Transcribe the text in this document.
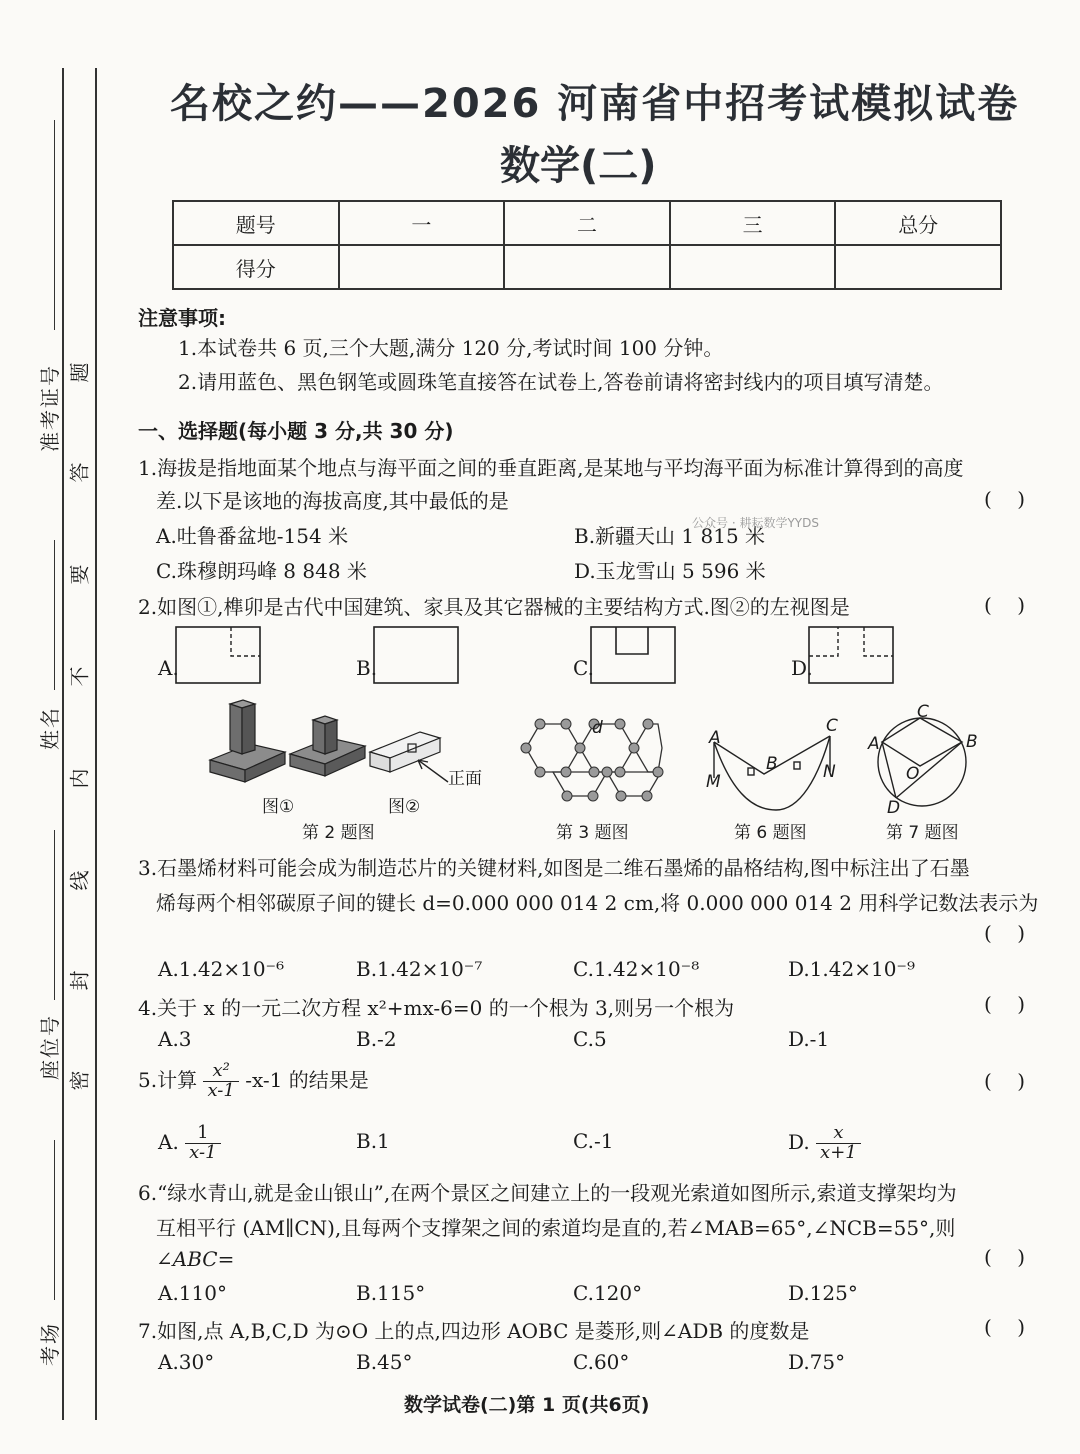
准考证号
姓名
座位号
考场
题
答
要
不
内
线
封
密
名校之约——2026 河南省中招考试模拟试卷
数学(二)
题号	一	二	三	总分
得分				
注意事项:
1.本试卷共 6 页,三个大题,满分 120 分,考试时间 100 分钟。
2.请用蓝色、黑色钢笔或圆珠笔直接答在试卷上,答卷前请将密封线内的项目填写清楚。
一、选择题(每小题 3 分,共 30 分)
1.海拔是指地面某个地点与海平面之间的垂直距离,是某地与平均海平面为标准计算得到的高度
差.以下是该地的海拔高度,其中最低的是	(    )
A.吐鲁番盆地-154 米	B.新疆天山 1 815 米
公众号 · 耕耘数学YYDS
C.珠穆朗玛峰 8 848 米	D.玉龙雪山 5 596 米
2.如图①,榫卯是古代中国建筑、家具及其它器械的主要结构方式.图②的左视图是	(    )
A.	B.	C.	D.
图①	图②
正面
第 2 题图
d
第 3 题图
A
B
C
M	N
第 6 题图
C
A	B
O
D
第 7 题图
3.石墨烯材料可能会成为制造芯片的关键材料,如图是二维石墨烯的晶格结构,图中标注出了石墨
烯每两个相邻碳原子间的键长 d=0.000 000 014 2 cm,将 0.000 000 014 2 用科学记数法表示为
(    )
A.1.42×10⁻⁶	B.1.42×10⁻⁷	C.1.42×10⁻⁸	D.1.42×10⁻⁹
4.关于 x 的一元二次方程 x²+mx-6=0 的一个根为 3,则另一个根为	(    )
A.3	B.-2	C.5	D.-1
5.计算 $\frac{\text{x²}}{x-1} -x-1$ 的结果是	(    )
A. $\frac{1}{x-1}$	B.1	C.-1	D. $\frac{x}{x+1}$
6.“绿水青山,就是金山银山”,在两个景区之间建立上的一段观光索道如图所示,索道支撑架均为
互相平行 (AM∥CN),且每两个支撑架之间的索道均是直的,若∠MAB=65°,∠NCB=55°,则
∠ABC=	(    )
A.110°	B.115°	C.120°	D.125°
7.如图,点 A,B,C,D 为⊙O 上的点,四边形 AOBC 是菱形,则∠ADB 的度数是	(    )
A.30°	B.45°	C.60°	D.75°
数学试卷(二)第 1 页(共6页)
